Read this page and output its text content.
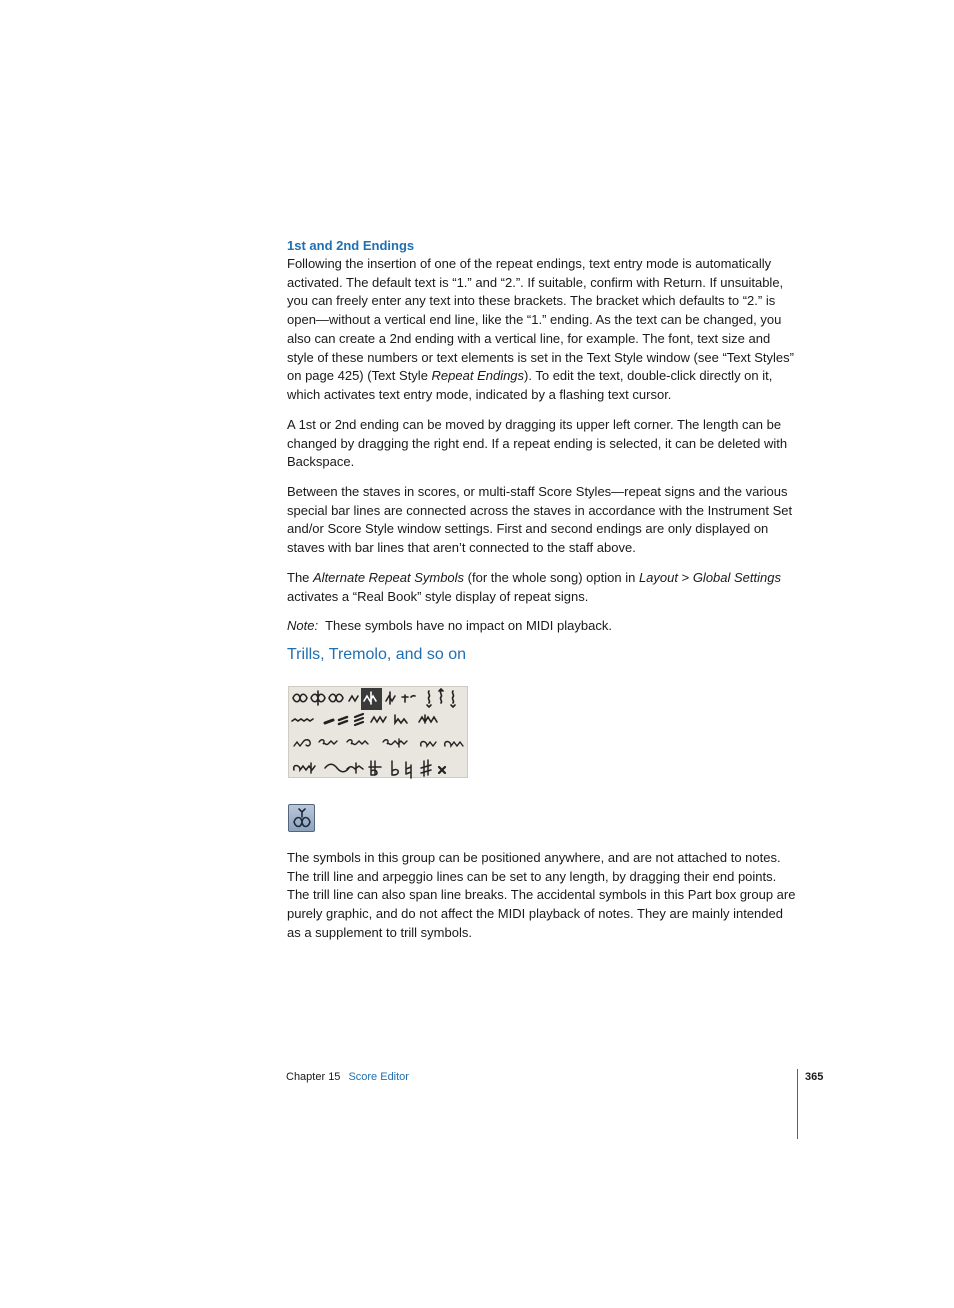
1st and 2nd Endings

Following the insertion of one of the repeat endings, text entry mode is automatically activated. The default text is “1.” and “2.”. If suitable, confirm with Return. If unsuitable, you can freely enter any text into these brackets. The bracket which defaults to “2.” is open—without a vertical end line, like the “1.” ending. As the text can be changed, you also can create a 2nd ending with a vertical line, for example. The font, text size and style of these numbers or text elements is set in the Text Style window (see “Text Styles” on page 425) (Text Style Repeat Endings). To edit the text, double-click directly on it, which activates text entry mode, indicated by a flashing text cursor.

A 1st or 2nd ending can be moved by dragging its upper left corner. The length can be changed by dragging the right end. If a repeat ending is selected, it can be deleted with Backspace.

Between the staves in scores, or multi-staff Score Styles—repeat signs and the various special bar lines are connected across the staves in accordance with the Instrument Set and/or Score Style window settings. First and second endings are only displayed on staves with bar lines that aren’t connected to the staff above.

The Alternate Repeat Symbols (for the whole song) option in Layout > Global Settings activates a “Real Book” style display of repeat signs.

Note: These symbols have no impact on MIDI playback.

Trills, Tremolo, and so on

The symbols in this group can be positioned anywhere, and are not attached to notes. The trill line and arpeggio lines can be set to any length, by dragging their end points. The trill line can also span line breaks. The accidental symbols in this Part box group are purely graphic, and do not affect the MIDI playback of notes. They are mainly intended as a supplement to trill symbols.

Chapter 15 Score Editor	365
